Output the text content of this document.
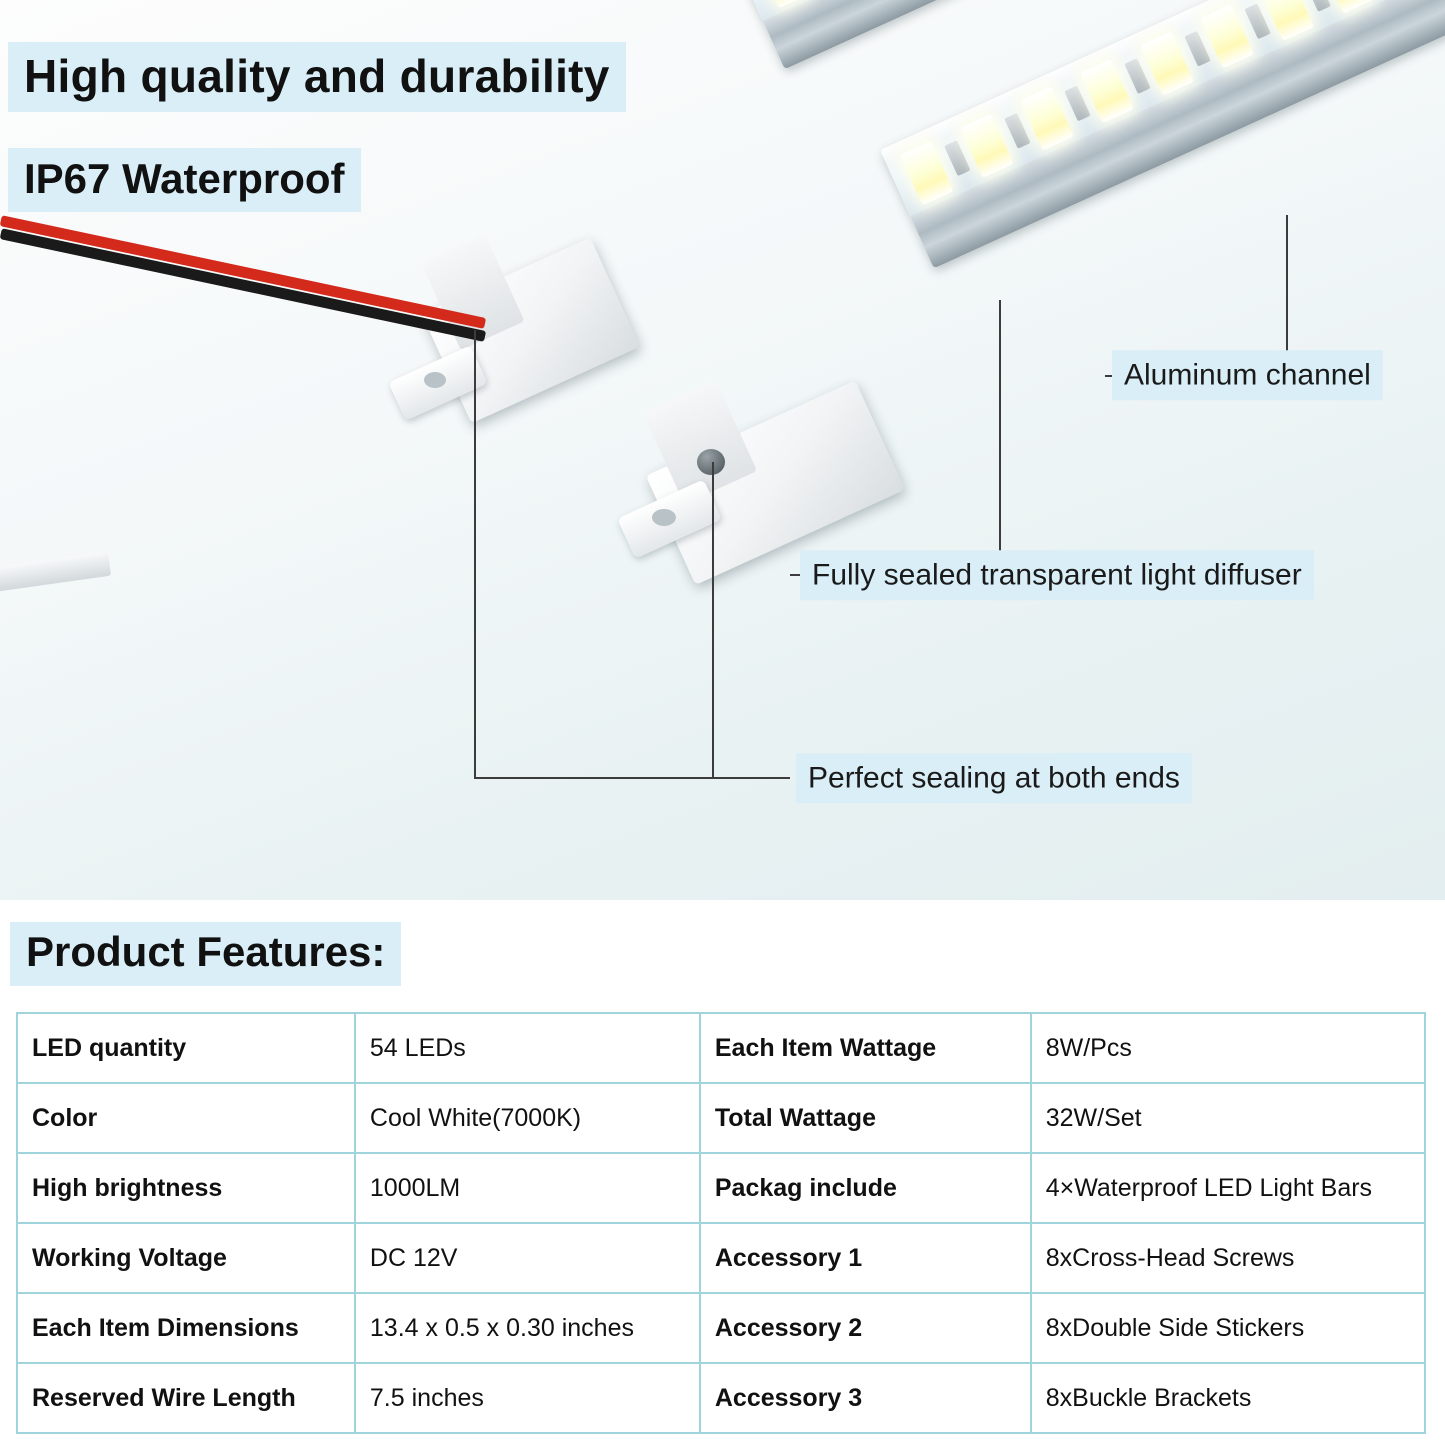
High quality and durability
IP67 Waterproof
Aluminum channel
Fully sealed transparent light diffuser
Perfect sealing at both ends
Product Features:
LED quantity	54 LEDs	Each Item Wattage	8W/Pcs
Color	Cool White(7000K)	Total Wattage	32W/Set
High brightness	1000LM	Packag include	4×Waterproof LED Light Bars
Working Voltage	DC 12V	Accessory 1	8xCross-Head Screws
Each Item Dimensions	13.4 x 0.5 x 0.30 inches	Accessory 2	8xDouble Side Stickers
Reserved Wire Length	7.5 inches	Accessory 3	8xBuckle Brackets
